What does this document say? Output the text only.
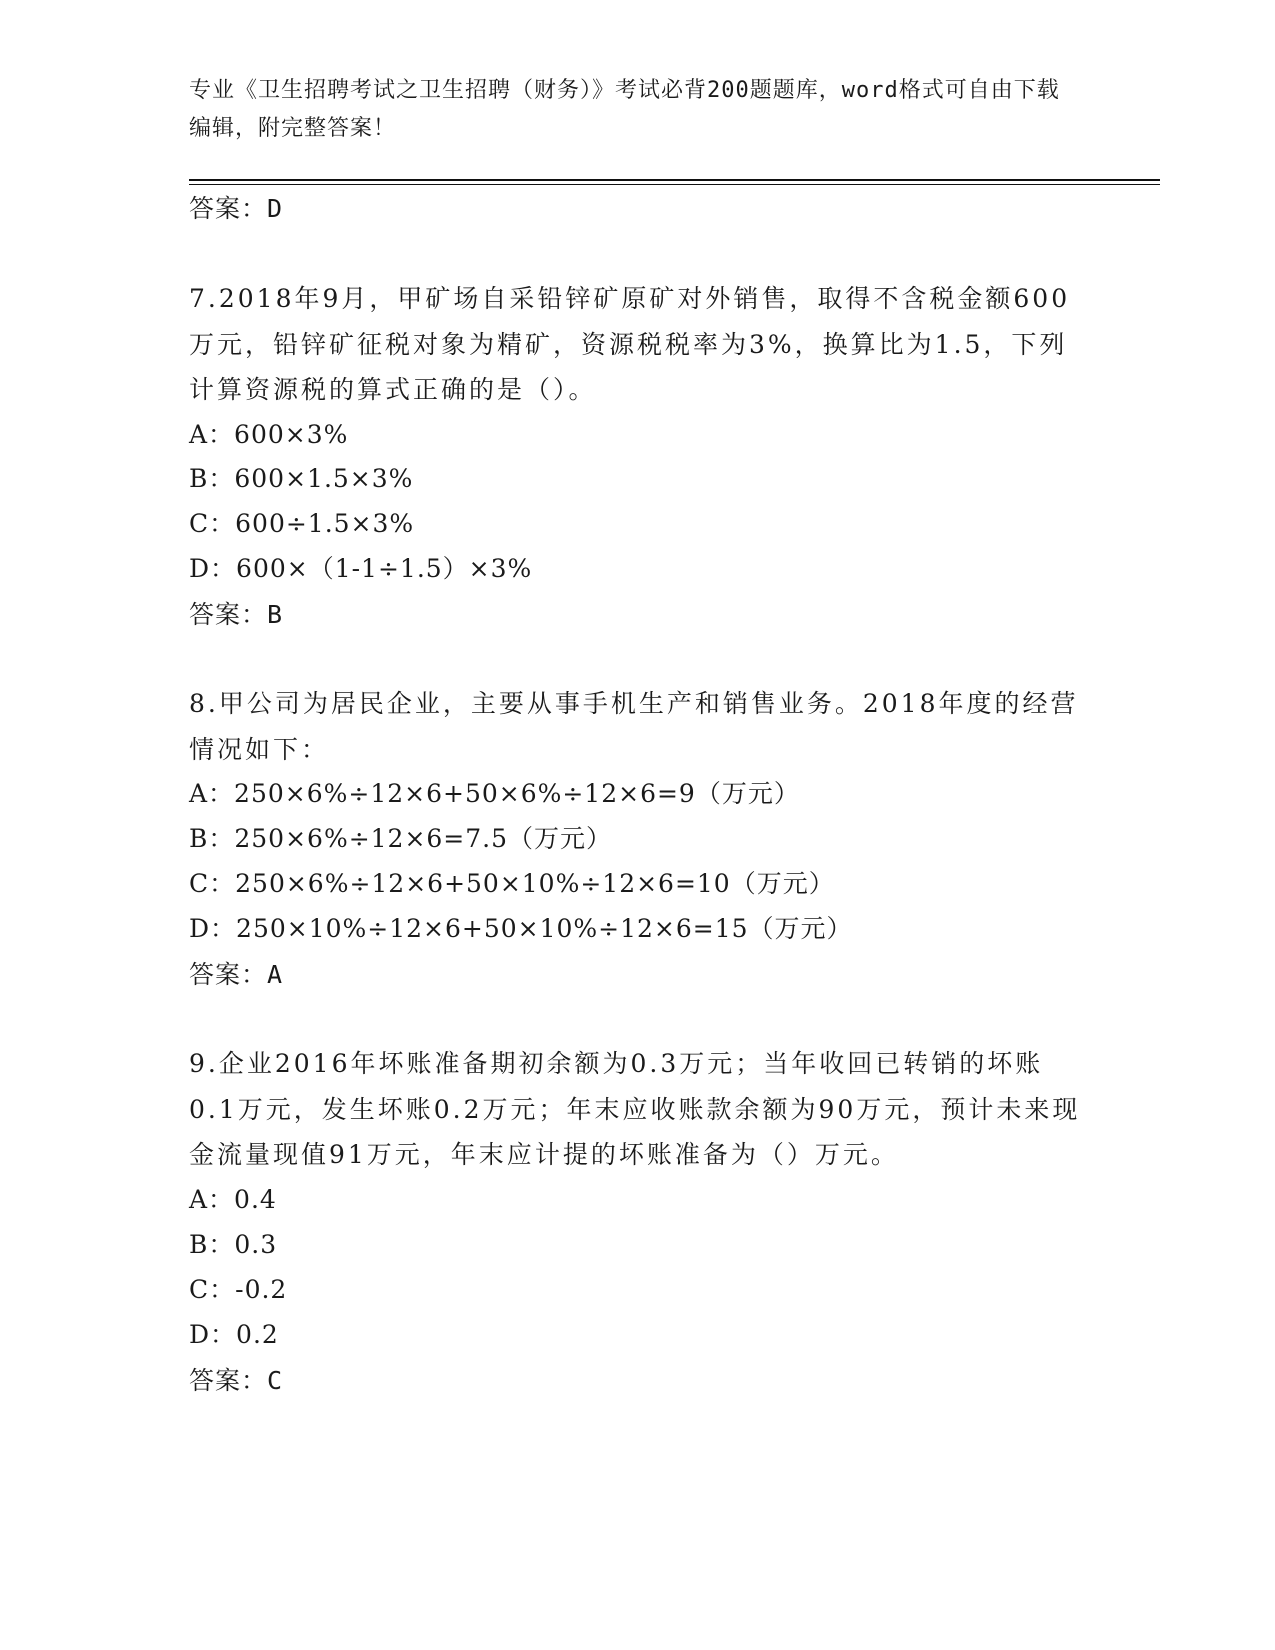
专业《卫生招聘考试之卫生招聘（财务）》考试必背200题题库，word格式可自由下载编辑，附完整答案！
答案：D
7.2018年9月，甲矿场自采铅锌矿原矿对外销售，取得不含税金额600万元，铅锌矿征税对象为精矿，资源税税率为3%，换算比为1.5，下列计算资源税的算式正确的是（）。
A：600×3%
B：600×1.5×3%
C：600÷1.5×3%
D：600×（1-1÷1.5）×3%
答案：B
8.甲公司为居民企业，主要从事手机生产和销售业务。2018年度的经营情况如下：
A：250×6%÷12×6+50×6%÷12×6=9（万元）
B：250×6%÷12×6=7.5（万元）
C：250×6%÷12×6+50×10%÷12×6=10（万元）
D：250×10%÷12×6+50×10%÷12×6=15（万元）
答案：A
9.企业2016年坏账准备期初余额为0.3万元；当年收回已转销的坏账0.1万元，发生坏账0.2万元；年末应收账款余额为90万元，预计未来现金流量现值91万元，年末应计提的坏账准备为（）万元。
A：0.4
B：0.3
C：-0.2
D：0.2
答案：C
